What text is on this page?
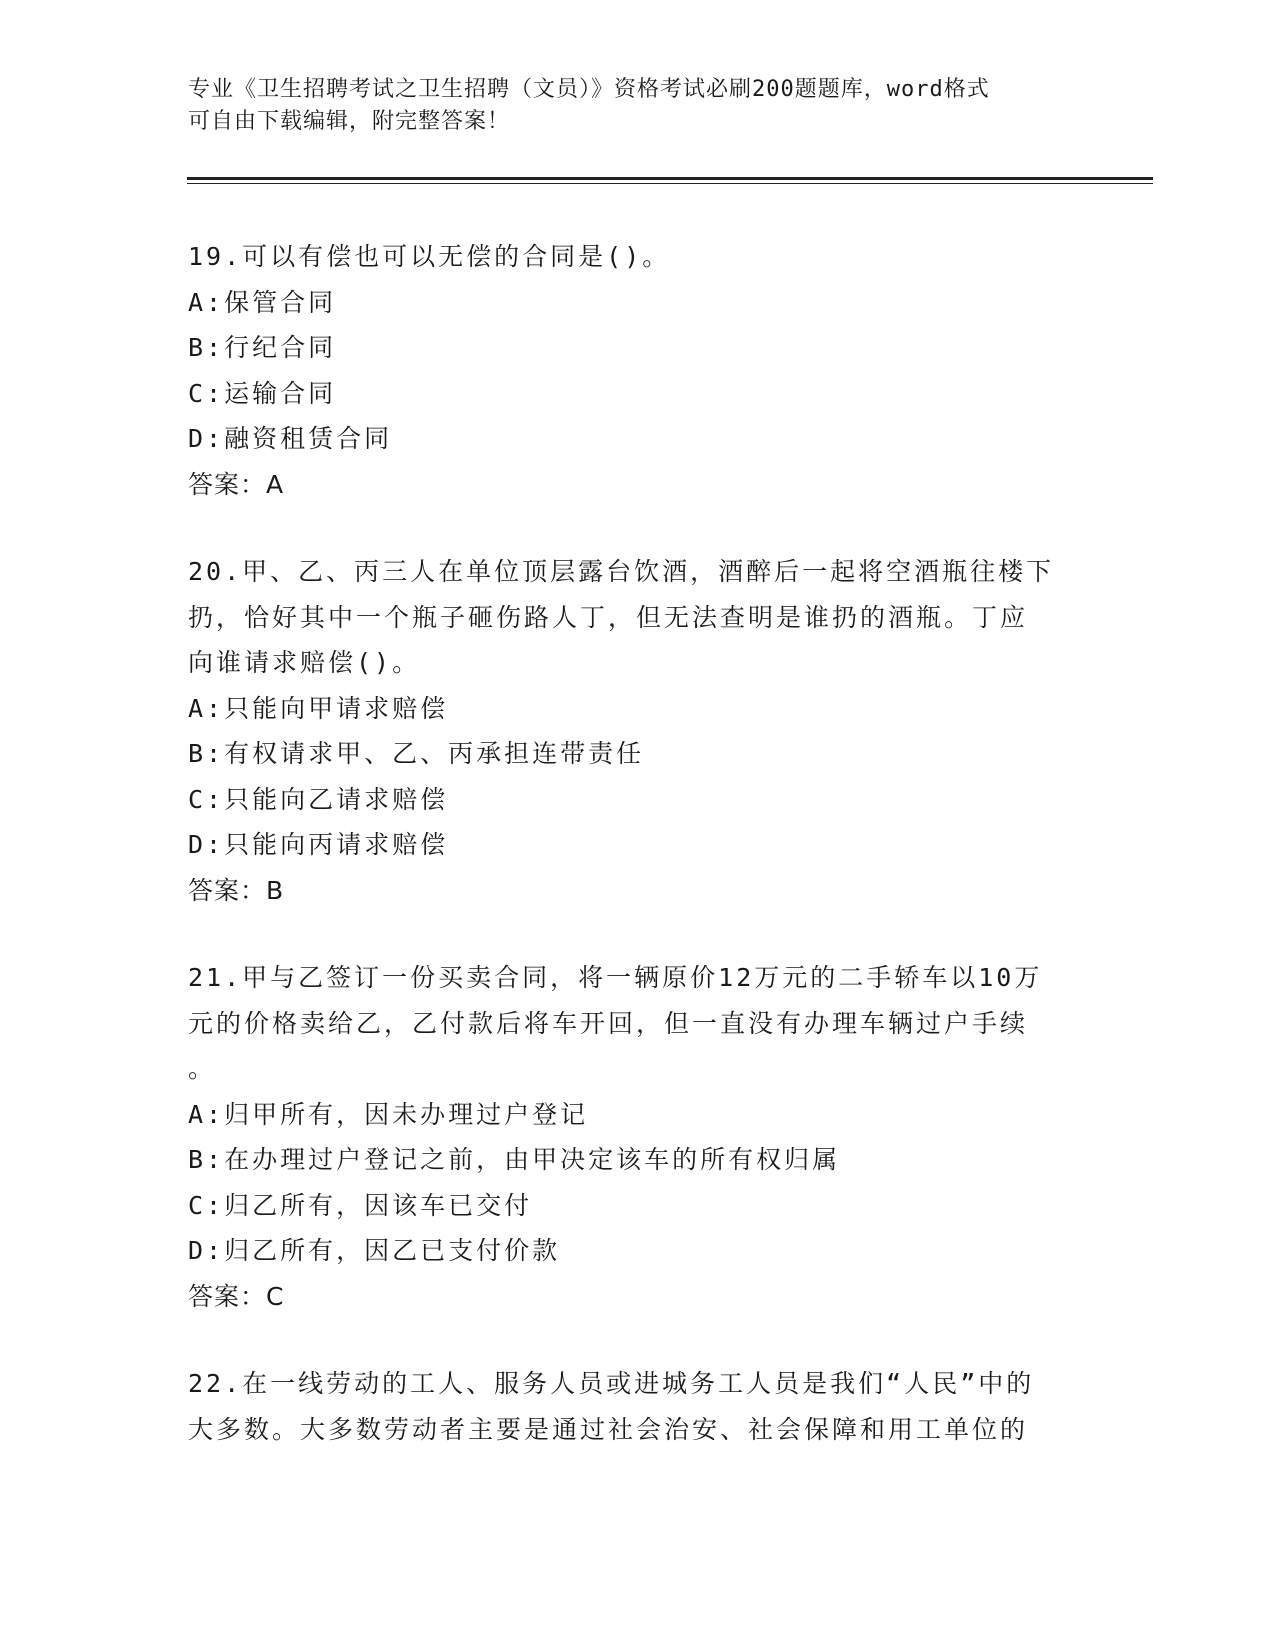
专业《卫生招聘考试之卫生招聘（文员）》资格考试必刷200题题库，word格式
可自由下载编辑，附完整答案！
19.可以有偿也可以无偿的合同是()。
A:保管合同
B:行纪合同
C:运输合同
D:融资租赁合同
答案：A
20.甲、乙、丙三人在单位顶层露台饮酒，酒醉后一起将空酒瓶往楼下
扔，恰好其中一个瓶子砸伤路人丁，但无法查明是谁扔的酒瓶。丁应
向谁请求赔偿()。
A:只能向甲请求赔偿
B:有权请求甲、乙、丙承担连带责任
C:只能向乙请求赔偿
D:只能向丙请求赔偿
答案：B
21.甲与乙签订一份买卖合同，将一辆原价12万元的二手轿车以10万
元的价格卖给乙，乙付款后将车开回，但一直没有办理车辆过户手续
。
A:归甲所有，因未办理过户登记
B:在办理过户登记之前，由甲决定该车的所有权归属
C:归乙所有，因该车已交付
D:归乙所有，因乙已支付价款
答案：C
22.在一线劳动的工人、服务人员或进城务工人员是我们“人民”中的
大多数。大多数劳动者主要是通过社会治安、社会保障和用工单位的
